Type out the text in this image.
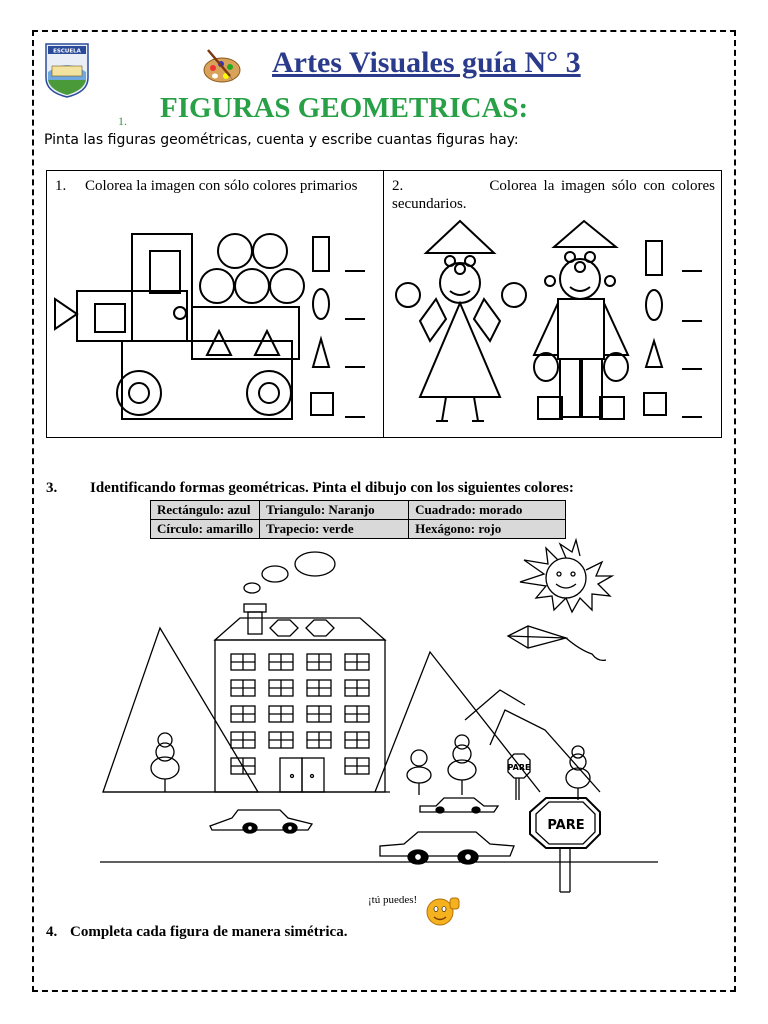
ESCUELA	Artes Visuales guía N° 3
1. FIGURAS GEOMETRICAS:
Pinta las figuras geométricas, cuenta y escribe cuantas figuras hay:
1. Colorea la imagen con sólo colores primarios	2.	Colorea la imagen sólo con colores secundarios.
3. Identificando formas geométricas. Pinta el dibujo con los siguientes colores:
Rectángulo: azul	Triangulo: Naranjo	Cuadrado: morado
Círculo: amarillo	Trapecio: verde	Hexágono: rojo
PARE
PARE
¡tú puedes!
4. Completa cada figura de manera simétrica.
